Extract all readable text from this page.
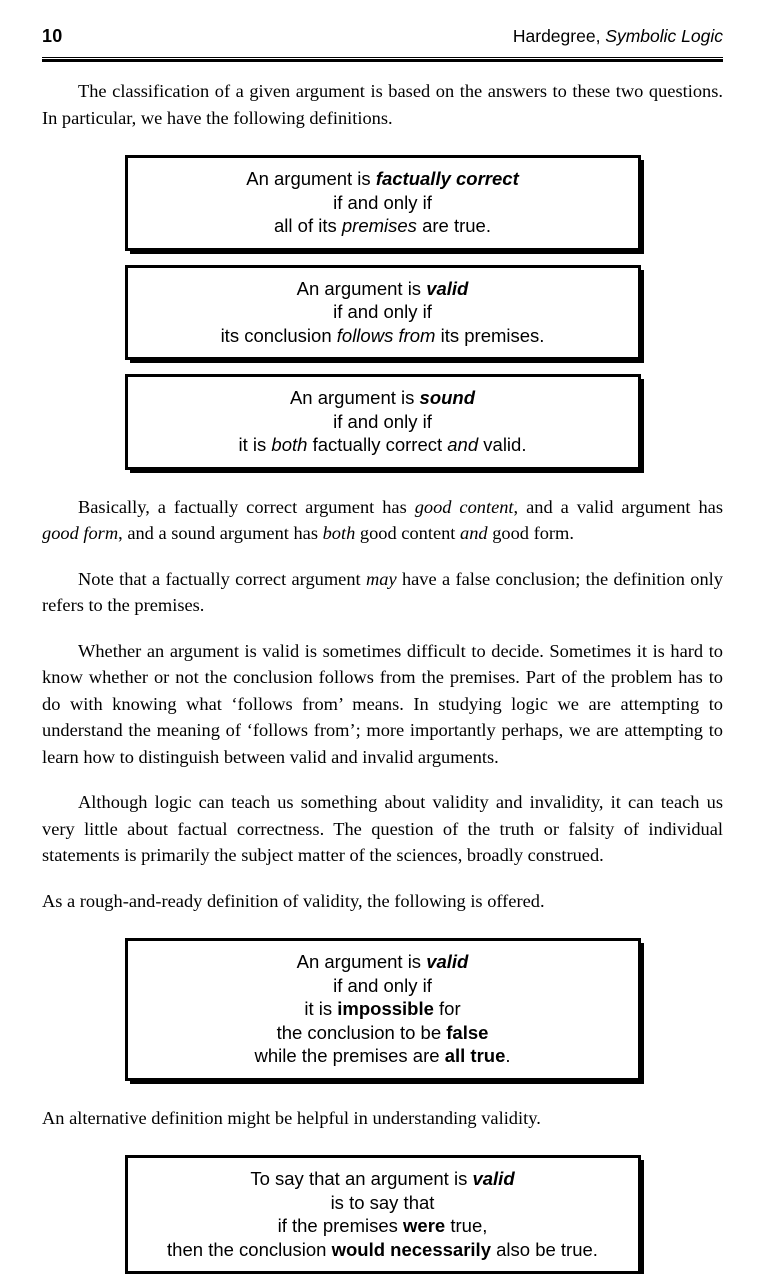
10	Hardegree, Symbolic Logic

The classification of a given argument is based on the answers to these two questions. In particular, we have the following definitions.

An argument is factually correct
if and only if
all of its premises are true.
An argument is valid
if and only if
its conclusion follows from its premises.
An argument is sound
if and only if
it is both factually correct and valid.

Basically, a factually correct argument has good content, and a valid argument has good form, and a sound argument has both good content and good form.

Note that a factually correct argument may have a false conclusion; the definition only refers to the premises.

Whether an argument is valid is sometimes difficult to decide. Sometimes it is hard to know whether or not the conclusion follows from the premises. Part of the problem has to do with knowing what ‘follows from’ means. In studying logic we are attempting to understand the meaning of ‘follows from’; more importantly perhaps, we are attempting to learn how to distinguish between valid and invalid arguments.

Although logic can teach us something about validity and invalidity, it can teach us very little about factual correctness. The question of the truth or falsity of individual statements is primarily the subject matter of the sciences, broadly construed.

As a rough-and-ready definition of validity, the following is offered.

An argument is valid
if and only if
it is impossible for
the conclusion to be false
while the premises are all true.

An alternative definition might be helpful in understanding validity.

To say that an argument is valid
is to say that
if the premises were true,
then the conclusion would necessarily also be true.
